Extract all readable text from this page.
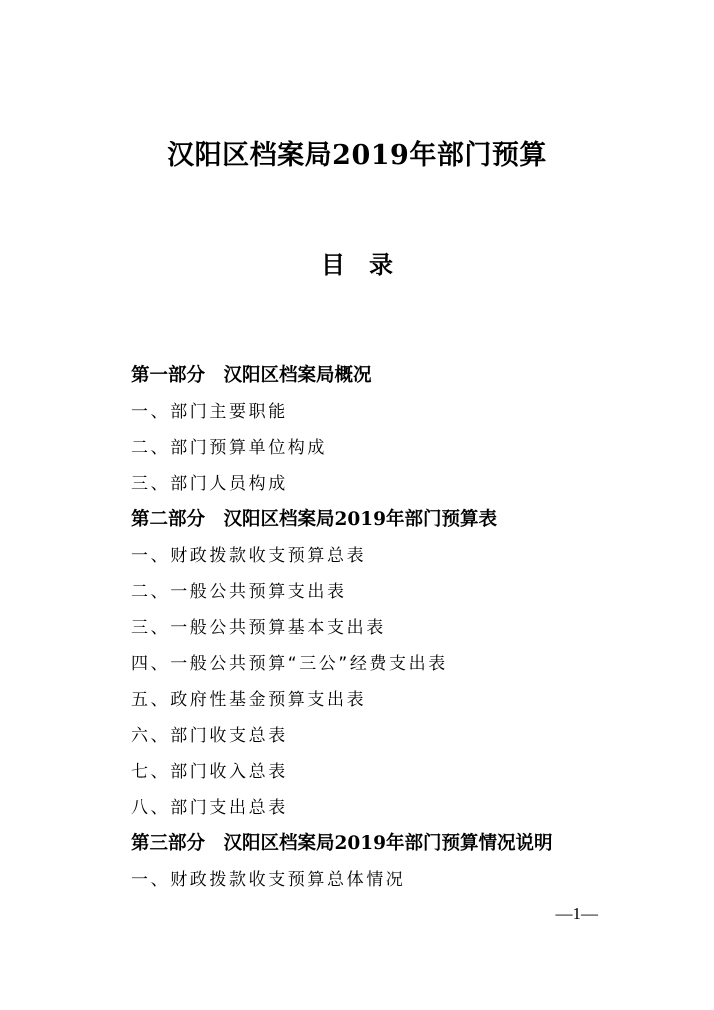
汉阳区档案局2019年部门预算
目　录
第一部分　汉阳区档案局概况
一、部门主要职能
二、部门预算单位构成
三、部门人员构成
第二部分　汉阳区档案局2019年部门预算表
一、财政拨款收支预算总表
二、一般公共预算支出表
三、一般公共预算基本支出表
四、一般公共预算“三公”经费支出表
五、政府性基金预算支出表
六、部门收支总表
七、部门收入总表
八、部门支出总表
第三部分　汉阳区档案局2019年部门预算情况说明
一、财政拨款收支预算总体情况
—1—
